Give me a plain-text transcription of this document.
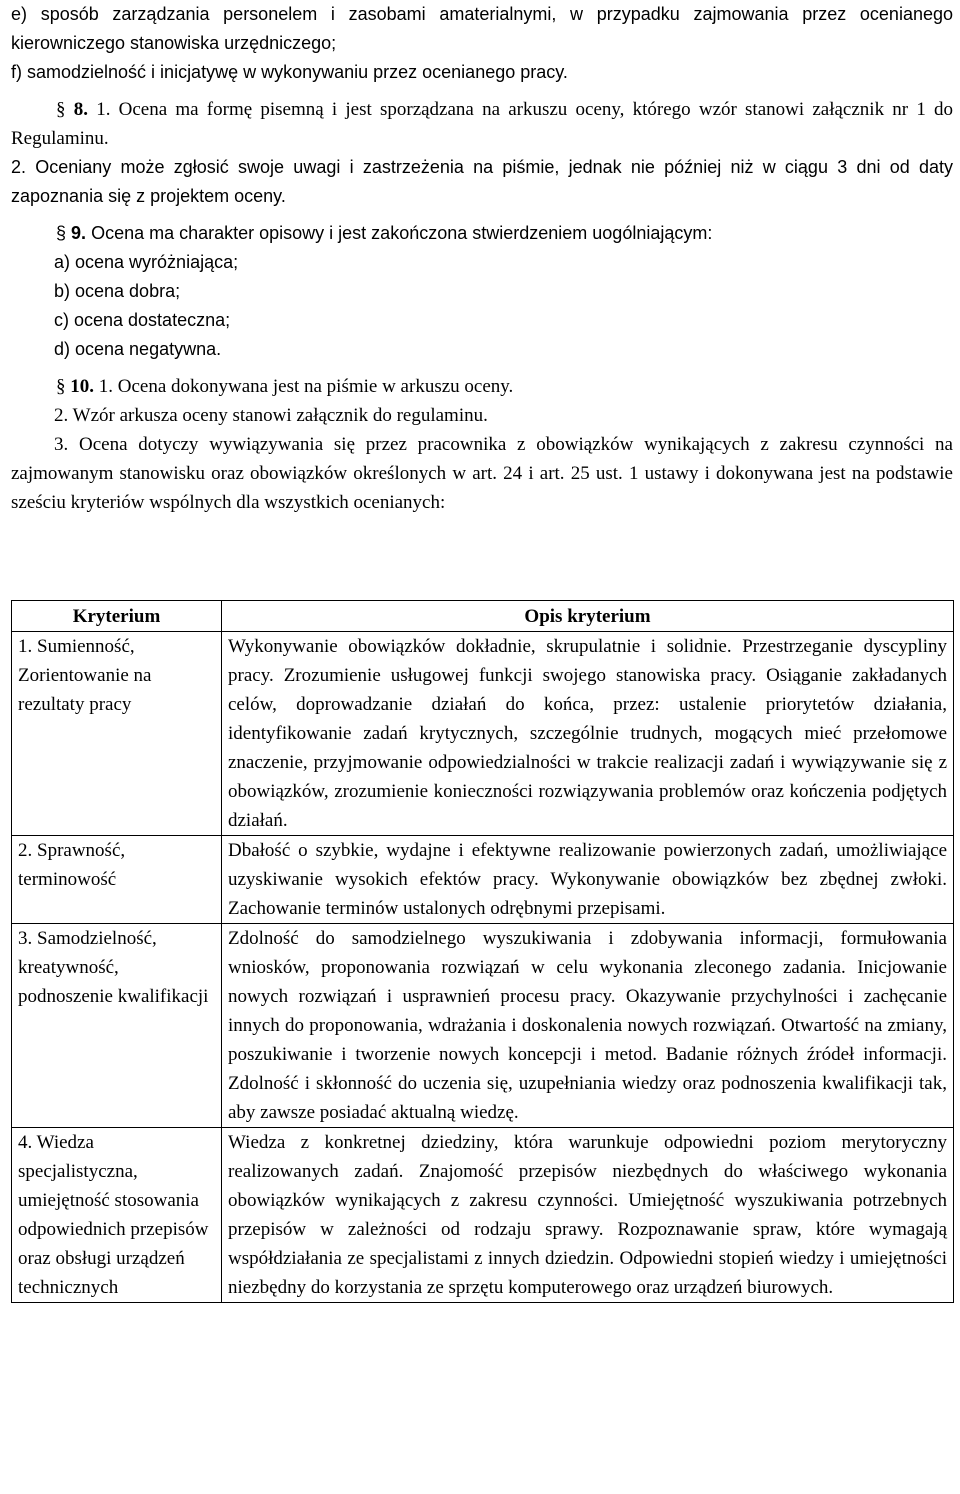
e) sposób zarządzania personelem i zasobami amaterialnymi, w przypadku zajmowania przez ocenianego kierowniczego stanowiska urzędniczego;

f) samodzielność i inicjatywę w wykonywaniu przez ocenianego pracy.

§ 8. 1. Ocena ma formę pisemną i jest sporządzana na arkuszu oceny, którego wzór stanowi załącznik nr 1 do Regulaminu.

2. Oceniany może zgłosić swoje uwagi i zastrzeżenia na piśmie, jednak nie później niż w ciągu 3 dni od daty zapoznania się z projektem oceny.

§ 9. Ocena ma charakter opisowy i jest zakończona stwierdzeniem uogólniającym:

a) ocena wyróżniająca;

b) ocena dobra;

c) ocena dostateczna;

d) ocena negatywna.

§ 10. 1. Ocena dokonywana jest na piśmie w arkuszu oceny.

2. Wzór arkusza oceny stanowi załącznik do regulaminu.

3. Ocena dotyczy wywiązywania się przez pracownika z obowiązków wynikających z zakresu czynności na zajmowanym stanowisku oraz obowiązków określonych w art. 24 i art. 25 ust. 1 ustawy i dokonywana jest na podstawie sześciu kryteriów wspólnych dla wszystkich ocenianych:

Kryterium	Opis kryterium
1. Sumienność, Zorientowanie na rezultaty pracy	Wykonywanie obowiązków dokładnie, skrupulatnie i solidnie. Przestrzeganie dyscypliny pracy. Zrozumienie usługowej funkcji swojego stanowiska pracy. Osiąganie zakładanych celów, doprowadzanie działań do końca, przez: ustalenie priorytetów działania, identyfikowanie zadań krytycznych, szczególnie trudnych, mogących mieć przełomowe znaczenie, przyjmowanie odpowiedzialności w trakcie realizacji zadań i wywiązywanie się z obowiązków, zrozumienie konieczności rozwiązywania problemów oraz kończenia podjętych działań.
2. Sprawność, terminowość	Dbałość o szybkie, wydajne i efektywne realizowanie powierzonych zadań, umożliwiające uzyskiwanie wysokich efektów pracy. Wykonywanie obowiązków bez zbędnej zwłoki. Zachowanie terminów ustalonych odrębnymi przepisami.
3. Samodzielność, kreatywność, podnoszenie kwalifikacji	Zdolność do samodzielnego wyszukiwania i zdobywania informacji, formułowania wniosków, proponowania rozwiązań w celu wykonania zleconego zadania. Inicjowanie nowych rozwiązań i usprawnień procesu pracy. Okazywanie przychylności i zachęcanie innych do proponowania, wdrażania i doskonalenia nowych rozwiązań. Otwartość na zmiany, poszukiwanie i tworzenie nowych koncepcji i metod. Badanie różnych źródeł informacji. Zdolność i skłonność do uczenia się, uzupełniania wiedzy oraz podnoszenia kwalifikacji tak, aby zawsze posiadać aktualną wiedzę.
4. Wiedza specjalistyczna, umiejętność stosowania odpowiednich przepisów oraz obsługi urządzeń technicznych	Wiedza z konkretnej dziedziny, która warunkuje odpowiedni poziom merytoryczny realizowanych zadań. Znajomość przepisów niezbędnych do właściwego wykonania obowiązków wynikających z zakresu czynności. Umiejętność wyszukiwania potrzebnych przepisów w zależności od rodzaju sprawy. Rozpoznawanie spraw, które wymagają współdziałania ze specjalistami z innych dziedzin. Odpowiedni stopień wiedzy i umiejętności niezbędny do korzystania ze sprzętu komputerowego oraz urządzeń biurowych.
